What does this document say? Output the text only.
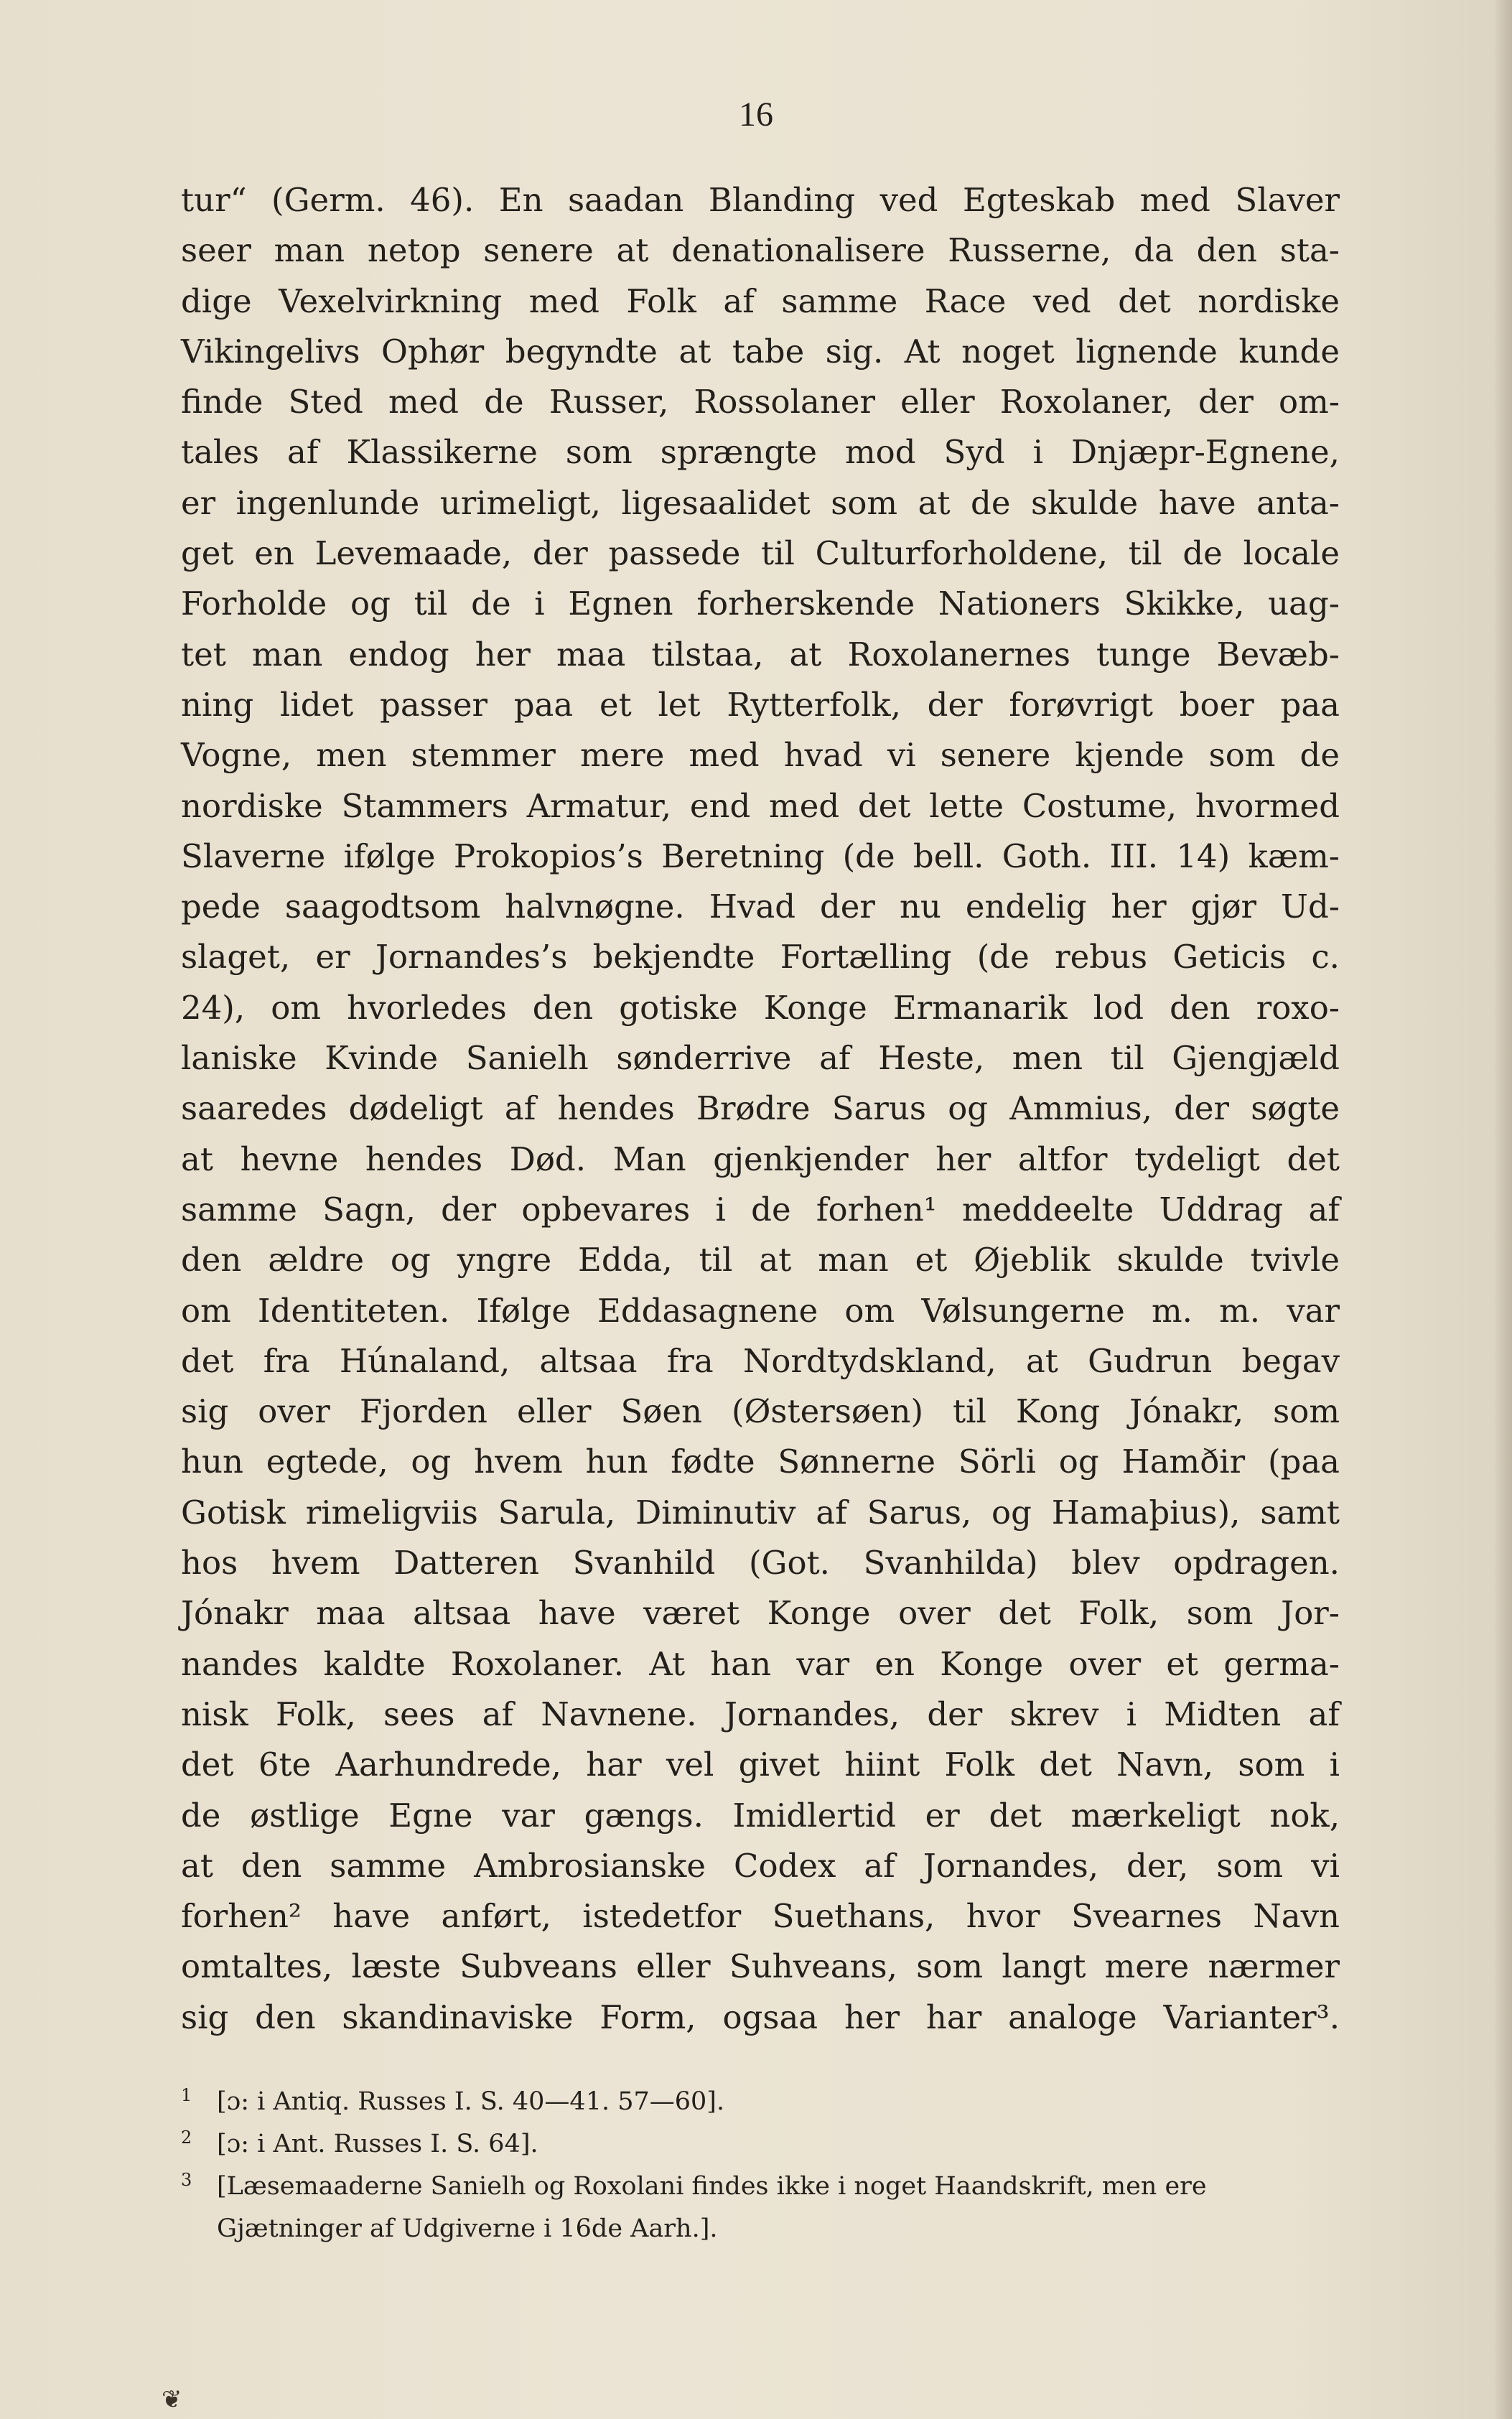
16
tur“ (Germ. 46). En saadan Blanding ved Egteskab med Slaver
seer man netop senere at denationalisere Russerne, da den sta-
dige Vexelvirkning med Folk af samme Race ved det nordiske
Vikingelivs Ophør begyndte at tabe sig. At noget lignende kunde
finde Sted med de Russer, Rossolaner eller Roxolaner, der om-
tales af Klassikerne som sprængte mod Syd i Dnjæpr-Egnene,
er ingenlunde urimeligt, ligesaalidet som at de skulde have anta-
get en Levemaade, der passede til Culturforholdene, til de locale
Forholde og til de i Egnen forherskende Nationers Skikke, uag-
tet man endog her maa tilstaa, at Roxolanernes tunge Bevæb-
ning lidet passer paa et let Rytterfolk, der forøvrigt boer paa
Vogne, men stemmer mere med hvad vi senere kjende som de
nordiske Stammers Armatur, end med det lette Costume, hvormed
Slaverne ifølge Prokopios’s Beretning (de bell. Goth. III. 14) kæm-
pede saagodtsom halvnøgne. Hvad der nu endelig her gjør Ud-
slaget, er Jornandes’s bekjendte Fortælling (de rebus Geticis c.
24), om hvorledes den gotiske Konge Ermanarik lod den roxo-
laniske Kvinde Sanielh sønderrive af Heste, men til Gjengjæld
saaredes dødeligt af hendes Brødre Sarus og Ammius, der søgte
at hevne hendes Død. Man gjenkjender her altfor tydeligt det
samme Sagn, der opbevares i de forhen¹ meddeelte Uddrag af
den ældre og yngre Edda, til at man et Øjeblik skulde tvivle
om Identiteten. Ifølge Eddasagnene om Vølsungerne m. m. var
det fra Húnaland, altsaa fra Nordtydskland, at Gudrun begav
sig over Fjorden eller Søen (Østersøen) til Kong Jónakr, som
hun egtede, og hvem hun fødte Sønnerne Sörli og Hamðir (paa
Gotisk rimeligviis Sarula, Diminutiv af Sarus, og Hamaþius), samt
hos hvem Datteren Svanhild (Got. Svanhilda) blev opdragen.
Jónakr maa altsaa have været Konge over det Folk, som Jor-
nandes kaldte Roxolaner. At han var en Konge over et germa-
nisk Folk, sees af Navnene. Jornandes, der skrev i Midten af
det 6te Aarhundrede, har vel givet hiint Folk det Navn, som i
de østlige Egne var gængs. Imidlertid er det mærkeligt nok,
at den samme Ambrosianske Codex af Jornandes, der, som vi
forhen² have anført, istedetfor Suethans, hvor Svearnes Navn
omtaltes, læste Subveans eller Suhveans, som langt mere nærmer
sig den skandinaviske Form, ogsaa her har analoge Varianter³.
1 [ɔ: i Antiq. Russes I. S. 40—41. 57—60].
2 [ɔ: i Ant. Russes I. S. 64].
3 [Læsemaaderne Sanielh og Roxolani findes ikke i noget Haandskrift, men ere
Gjætninger af Udgiverne i 16de Aarh.].
❦
